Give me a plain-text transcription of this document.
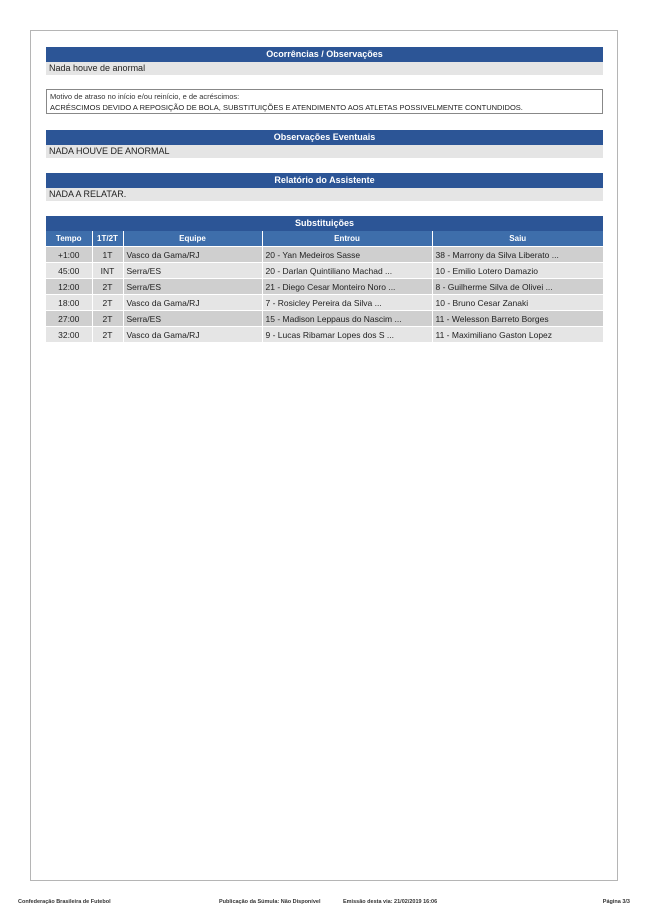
Ocorrências / Observações
Nada houve de anormal
Motivo de atraso no início e/ou reinício, e de acréscimos:
ACRÉSCIMOS DEVIDO A REPOSIÇÃO DE BOLA, SUBSTITUIÇÕES E ATENDIMENTO AOS ATLETAS POSSIVELMENTE CONTUNDIDOS.
Observações Eventuais
NADA HOUVE DE ANORMAL
Relatório do Assistente
NADA A RELATAR.
Substituições
Tempo	1T/2T	Equipe	Entrou	Saiu
+1:00	1T	Vasco da Gama/RJ	20 - Yan Medeiros Sasse	38 - Marrony da Silva Liberato ...
45:00	INT	Serra/ES	20 - Darlan Quintiliano Machad ...	10 - Emilio Lotero Damazio
12:00	2T	Serra/ES	21 - Diego Cesar Monteiro Noro ...	8 - Guilherme Silva de Olivei ...
18:00	2T	Vasco da Gama/RJ	7 - Rosicley Pereira da Silva ...	10 - Bruno Cesar Zanaki
27:00	2T	Serra/ES	15 - Madison Leppaus do Nascim ...	11 - Welesson Barreto Borges
32:00	2T	Vasco da Gama/RJ	9 - Lucas Ribamar Lopes dos S ...	11 - Maximiliano Gaston Lopez
Confederação Brasileira de Futebol	Publicação da Súmula: Não Disponível	Emissão desta via: 21/02/2019 16:06	Página 3/3
